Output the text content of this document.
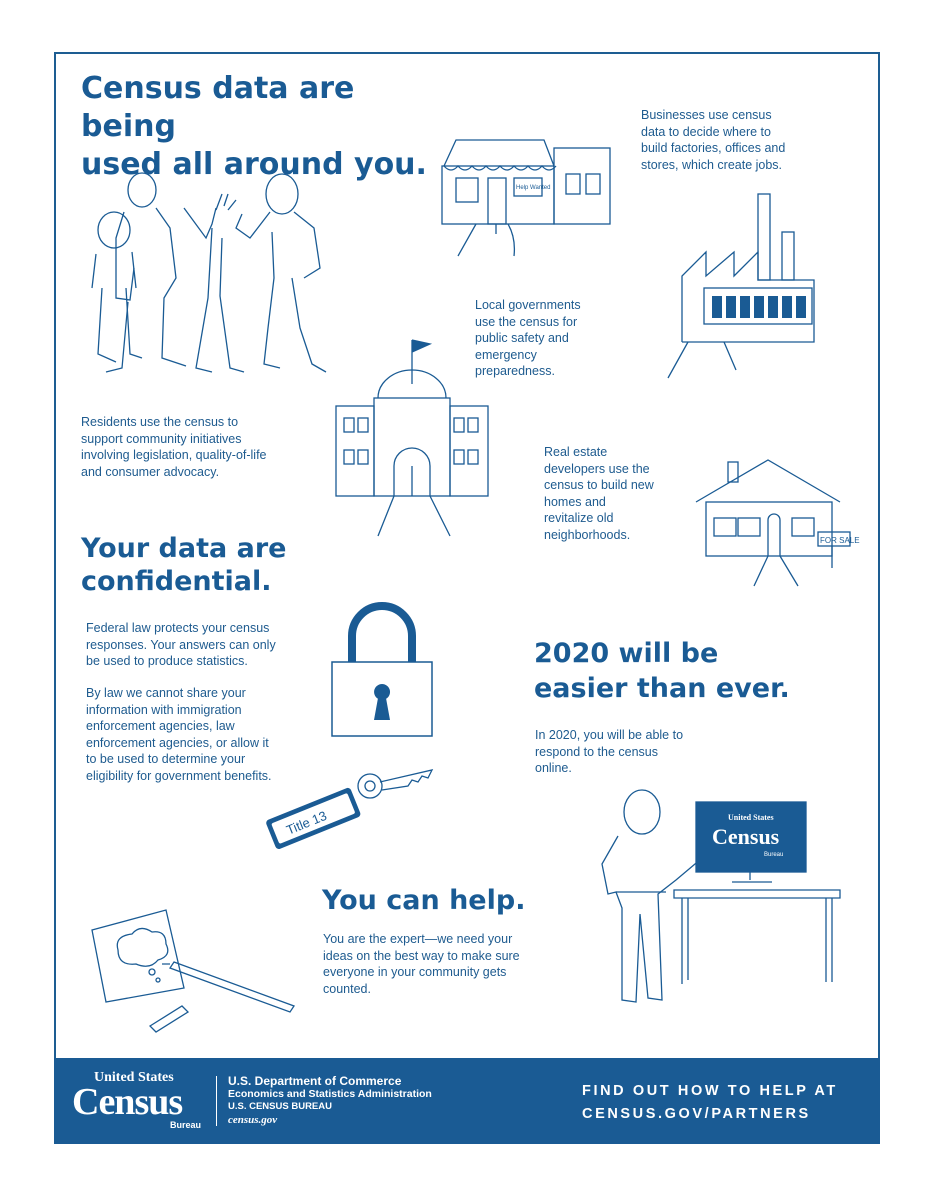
Census data are being
used all around you.
Your data are
confidential.
2020 will be
easier than ever.
You can help.

Businesses use census
data to decide where to
build factories, offices and
stores, which create jobs.

Local governments
use the census for
public safety and
emergency
preparedness.

Residents use the census to
support community initiatives
involving legislation, quality-of-life
and consumer advocacy.

Real estate
developers use the
census to build new
homes and
revitalize old
neighborhoods.

Federal law protects your census
responses. Your answers can only
be used to produce statistics.

By law we cannot share your
information with immigration
enforcement agencies, law
enforcement agencies, or allow it
to be used to determine your
eligibility for government benefits.

In 2020, you will be able to
respond to the census
online.

You are the expert—we need your
ideas on the best way to make sure
everyone in your community gets
counted.

Help Wanted
FOR SALE
Title 13	United States
Census
Bureau
United States
Census
Bureau
U.S. Department of Commerce
Economics and Statistics Administration
U.S. CENSUS BUREAU
census.gov
FIND OUT HOW TO HELP AT
CENSUS.GOV/PARTNERS
